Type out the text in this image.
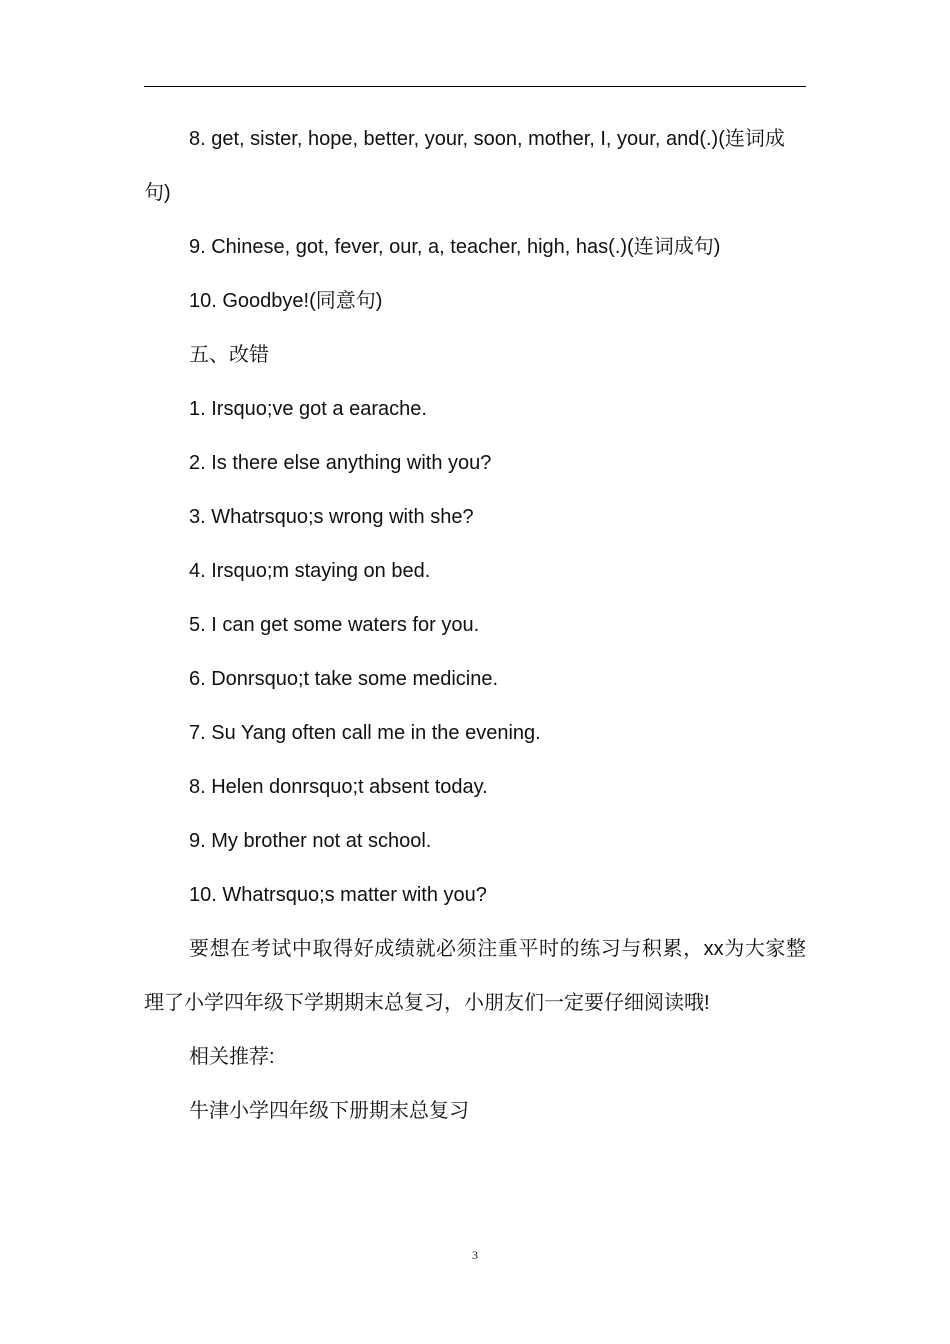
8. get, sister, hope, better, your, soon, mother, I, your, and(.)(连词成句)

9. Chinese, got, fever, our, a, teacher, high, has(.)(连词成句)

10. Goodbye!(同意句)

五、改错

1. Irsquo;ve got a earache.

2. Is there else anything with you?

3. Whatrsquo;s wrong with she?

4. Irsquo;m staying on bed.

5. I can get some waters for you.

6. Donrsquo;t take some medicine.

7. Su Yang often call me in the evening.

8. Helen donrsquo;t absent today.

9. My brother not at school.

10. Whatrsquo;s matter with you?

要想在考试中取得好成绩就必须注重平时的练习与积累，xx为大家整理了小学四年级下学期期末总复习，小朋友们一定要仔细阅读哦!

相关推荐:

牛津小学四年级下册期末总复习

3
